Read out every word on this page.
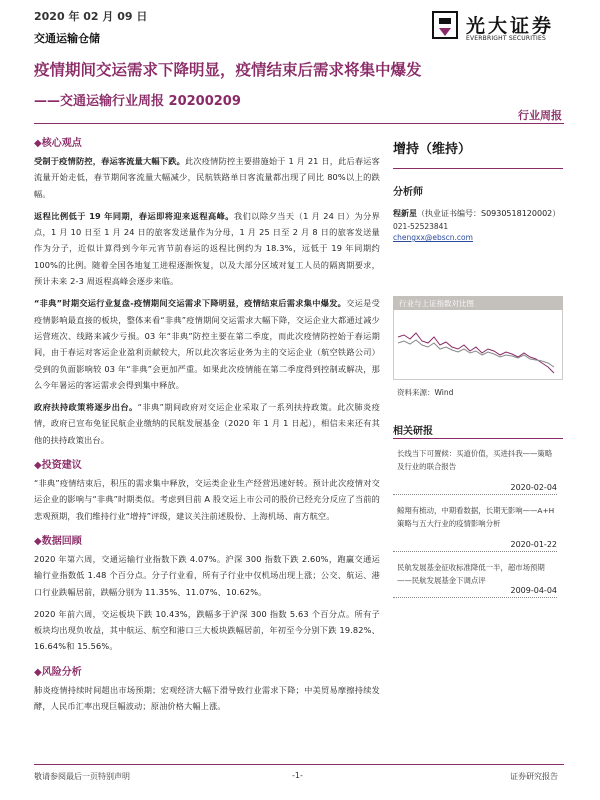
2020 年 02 月 09 日
交通运输仓储
光大证券
EVERBRIGHT SECURITIES
疫情期间交运需求下降明显，疫情结束后需求将集中爆发
——交通运输行业周报 20200209
行业周报
◆核心观点

受制于疫情防控，春运客流量大幅下跌。此次疫情防控主要措施始于 1 月 21 日，此后春运客流量开始走低，春节期间客流量大幅减少，民航铁路单日客流量都出现了同比 80%以上的跌幅。

返程比例低于 19 年同期，春运即将迎来返程高峰。我们以除夕当天（1 月 24 日）为分界点，1 月 10 日至 1 月 24 日的旅客发送量作为分母，1 月 25 日至 2 月 8 日的旅客发送量作为分子，近似计算得到今年元宵节前春运的返程比例约为 18.3%，远低于 19 年同期约 100%的比例。随着全国各地复工进程逐渐恢复，以及大部分区域对复工人员的隔离期要求，预计未来 2-3 周返程高峰会逐步来临。

“非典”时期交运行业复盘-疫情期间交运需求下降明显，疫情结束后需求集中爆发。交运是受疫情影响最直接的板块，整体来看“非典”疫情期间交运需求大幅下降，交运企业大都通过减少运营班次、线路来减少亏损。03 年“非典”防控主要在第二季度，而此次疫情防控始于春运期间，由于春运对客运企业盈利贡献较大，所以此次客运业务为主的交运企业（航空铁路公司）受到的负面影响较 03 年“非典”会更加严重。如果此次疫情能在第二季度得到控制或解决，那么今年暑运的客运需求会得到集中释放。

政府扶持政策将逐步出台。“非典”期间政府对交运企业采取了一系列扶持政策。此次肺炎疫情，政府已宣布免征民航企业缴纳的民航发展基金（2020 年 1 月 1 日起），相信未来还有其他的扶持政策出台。

◆投资建议

“非典”疫情结束后，积压的需求集中释放，交运类企业生产经营迅速好转。预计此次疫情对交运企业的影响与“非典”时期类似。考虑到目前 A 股交运上市公司的股价已经充分反应了当前的悲观预期，我们维持行业“增持”评级，建议关注前述股份、上海机场、南方航空。

◆数据回顾

2020 年第六周，交通运输行业指数下跌 4.07%。沪深 300 指数下跌 2.60%，跑赢交通运输行业指数低 1.48 个百分点。分子行业看，所有子行业中仅机场出现上涨；公交、航运、港口行业跌幅居前，跌幅分别为 11.35%、11.07%、10.62%。

2020 年前六周，交运板块下跌 10.43%，跌幅多于沪深 300 指数 5.63 个百分点。所有子板块均出现负收益，其中航运、航空和港口三大板块跌幅居前，年初至今分别下跌 19.82%、16.64%和 15.56%。

◆风险分析

肺炎疫情持续时间超出市场预期；宏观经济大幅下滑导致行业需求下降；中美贸易摩擦持续发酵，人民币汇率出现巨幅波动；原油价格大幅上涨。

增持（维持）
分析师
程新星（执业证书编号：S0930518120002）
021-52523841
chengxx@ebscn.com
行业与上证指数对比图
资料来源：Wind
相关研报
长线当下可置候：买道价值，买进抖我——策略及行业的联合报告
2020-02-04
鲸翔有梳动，中期看数据，长期无影响——A+H 策略与五大行业的疫情影响分析
2020-01-22
民航发展基金征收标准降低一半，超市场预期——民航发展基金下调点评
2009-04-04
敬请参阅最后一页特别声明	-1-	证券研究报告
